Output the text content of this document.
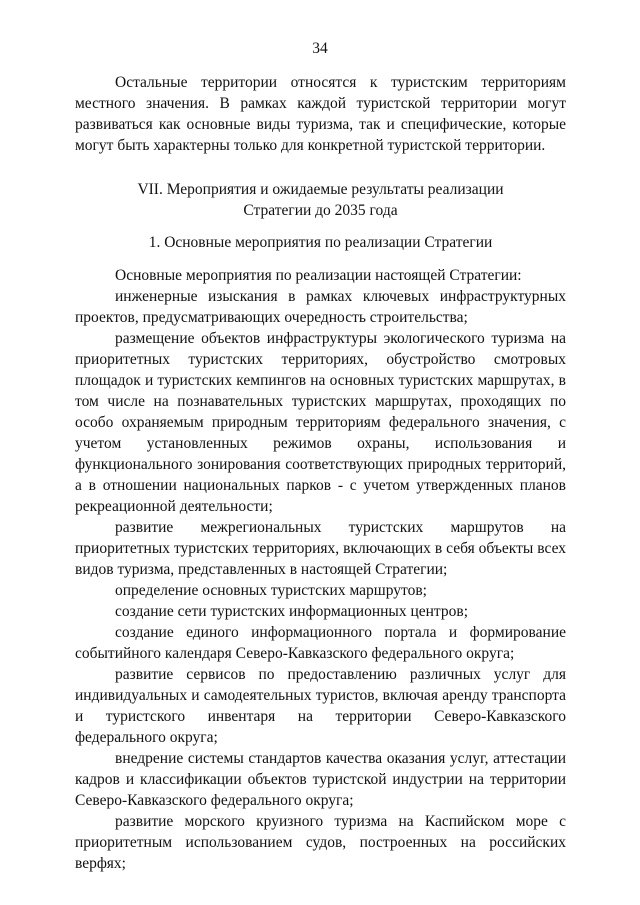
34

Остальные территории относятся к туристским территориям местного значения. В рамках каждой туристской территории могут развиваться как основные виды туризма, так и специфические, которые могут быть характерны только для конкретной туристской территории.

VII. Мероприятия и ожидаемые результаты реализации
Стратегии до 2035 года

1. Основные мероприятия по реализации Стратегии

Основные мероприятия по реализации настоящей Стратегии:

инженерные изыскания в рамках ключевых инфраструктурных проектов, предусматривающих очередность строительства;

размещение объектов инфраструктуры экологического туризма на приоритетных туристских территориях, обустройство смотровых площадок и туристских кемпингов на основных туристских маршрутах, в том числе на познавательных туристских маршрутах, проходящих по особо охраняемым природным территориям федерального значения, с учетом установленных режимов охраны, использования и функционального зонирования соответствующих природных территорий, а в отношении национальных парков - с учетом утвержденных планов рекреационной деятельности;

развитие межрегиональных туристских маршрутов на приоритетных туристских территориях, включающих в себя объекты всех видов туризма, представленных в настоящей Стратегии;

определение основных туристских маршрутов;

создание сети туристских информационных центров;

создание единого информационного портала и формирование событийного календаря Северо-Кавказского федерального округа;

развитие сервисов по предоставлению различных услуг для индивидуальных и самодеятельных туристов, включая аренду транспорта и туристского инвентаря на территории Северо-Кавказского федерального округа;

внедрение системы стандартов качества оказания услуг, аттестации кадров и классификации объектов туристской индустрии на территории Северо-Кавказского федерального округа;

развитие морского круизного туризма на Каспийском море с приоритетным использованием судов, построенных на российских верфях;
